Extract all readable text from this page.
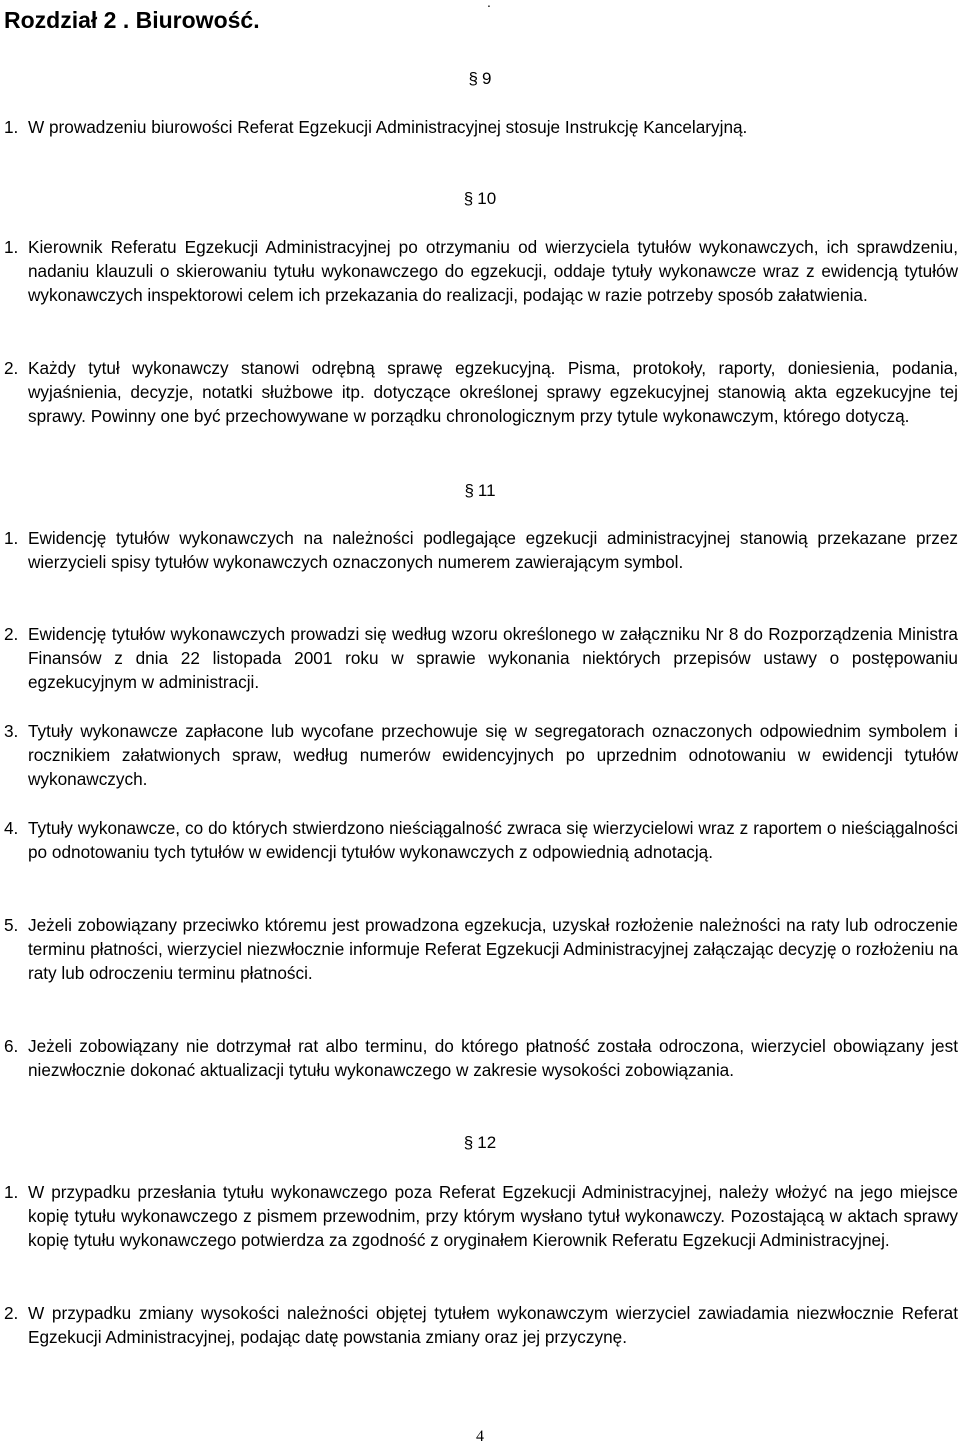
Rozdział 2 . Biurowość.
.
§ 9

1. W prowadzeniu biurowości Referat Egzekucji Administracyjnej stosuje Instrukcję Kancelaryjną.

§ 10

1. Kierownik Referatu Egzekucji Administracyjnej po otrzymaniu od wierzyciela tytułów wykonawczych, ich sprawdzeniu, nadaniu klauzuli o skierowaniu tytułu wykonawczego do egzekucji, oddaje tytuły wykonawcze wraz z ewidencją tytułów wykonawczych inspektorowi celem ich przekazania do realizacji, podając w razie potrzeby sposób załatwienia.

2. Każdy tytuł wykonawczy stanowi odrębną sprawę egzekucyjną. Pisma, protokoły, raporty, doniesienia, podania, wyjaśnienia, decyzje, notatki służbowe itp. dotyczące określonej sprawy egzekucyjnej stanowią akta egzekucyjne tej sprawy. Powinny one być przechowywane w porządku chronologicznym przy tytule wykonawczym, którego dotyczą.

§ 11

1. Ewidencję tytułów wykonawczych na należności podlegające egzekucji administracyjnej stanowią przekazane przez wierzycieli spisy tytułów wykonawczych oznaczonych numerem zawierającym symbol.

2. Ewidencję tytułów wykonawczych prowadzi się według wzoru określonego w załączniku Nr 8 do Rozporządzenia Ministra Finansów z dnia 22 listopada 2001 roku w sprawie wykonania niektórych przepisów ustawy o postępowaniu egzekucyjnym w administracji.

3. Tytuły wykonawcze zapłacone lub wycofane przechowuje się w segregatorach oznaczonych odpowiednim symbolem i rocznikiem załatwionych spraw, według numerów ewidencyjnych po uprzednim odnotowaniu w ewidencji tytułów wykonawczych.

4. Tytuły wykonawcze, co do których stwierdzono nieściągalność zwraca się wierzycielowi wraz z raportem o nieściągalności po odnotowaniu tych tytułów w ewidencji tytułów wykonawczych z odpowiednią adnotacją.

5. Jeżeli zobowiązany przeciwko któremu jest prowadzona egzekucja, uzyskał rozłożenie należności na raty lub odroczenie terminu płatności, wierzyciel niezwłocznie informuje Referat Egzekucji Administracyjnej załączając decyzję o rozłożeniu na raty lub odroczeniu terminu płatności.

6. Jeżeli zobowiązany nie dotrzymał rat albo terminu, do którego płatność została odroczona, wierzyciel obowiązany jest niezwłocznie dokonać aktualizacji tytułu wykonawczego w zakresie wysokości zobowiązania.

§ 12

1. W przypadku przesłania tytułu wykonawczego poza Referat Egzekucji Administracyjnej, należy włożyć na jego miejsce kopię tytułu wykonawczego z pismem przewodnim, przy którym wysłano tytuł wykonawczy. Pozostającą w aktach sprawy kopię tytułu wykonawczego potwierdza za zgodność z oryginałem Kierownik Referatu Egzekucji Administracyjnej.

2. W przypadku zmiany wysokości należności objętej tytułem wykonawczym wierzyciel zawiadamia niezwłocznie Referat Egzekucji Administracyjnej, podając datę powstania zmiany oraz jej przyczynę.

4
